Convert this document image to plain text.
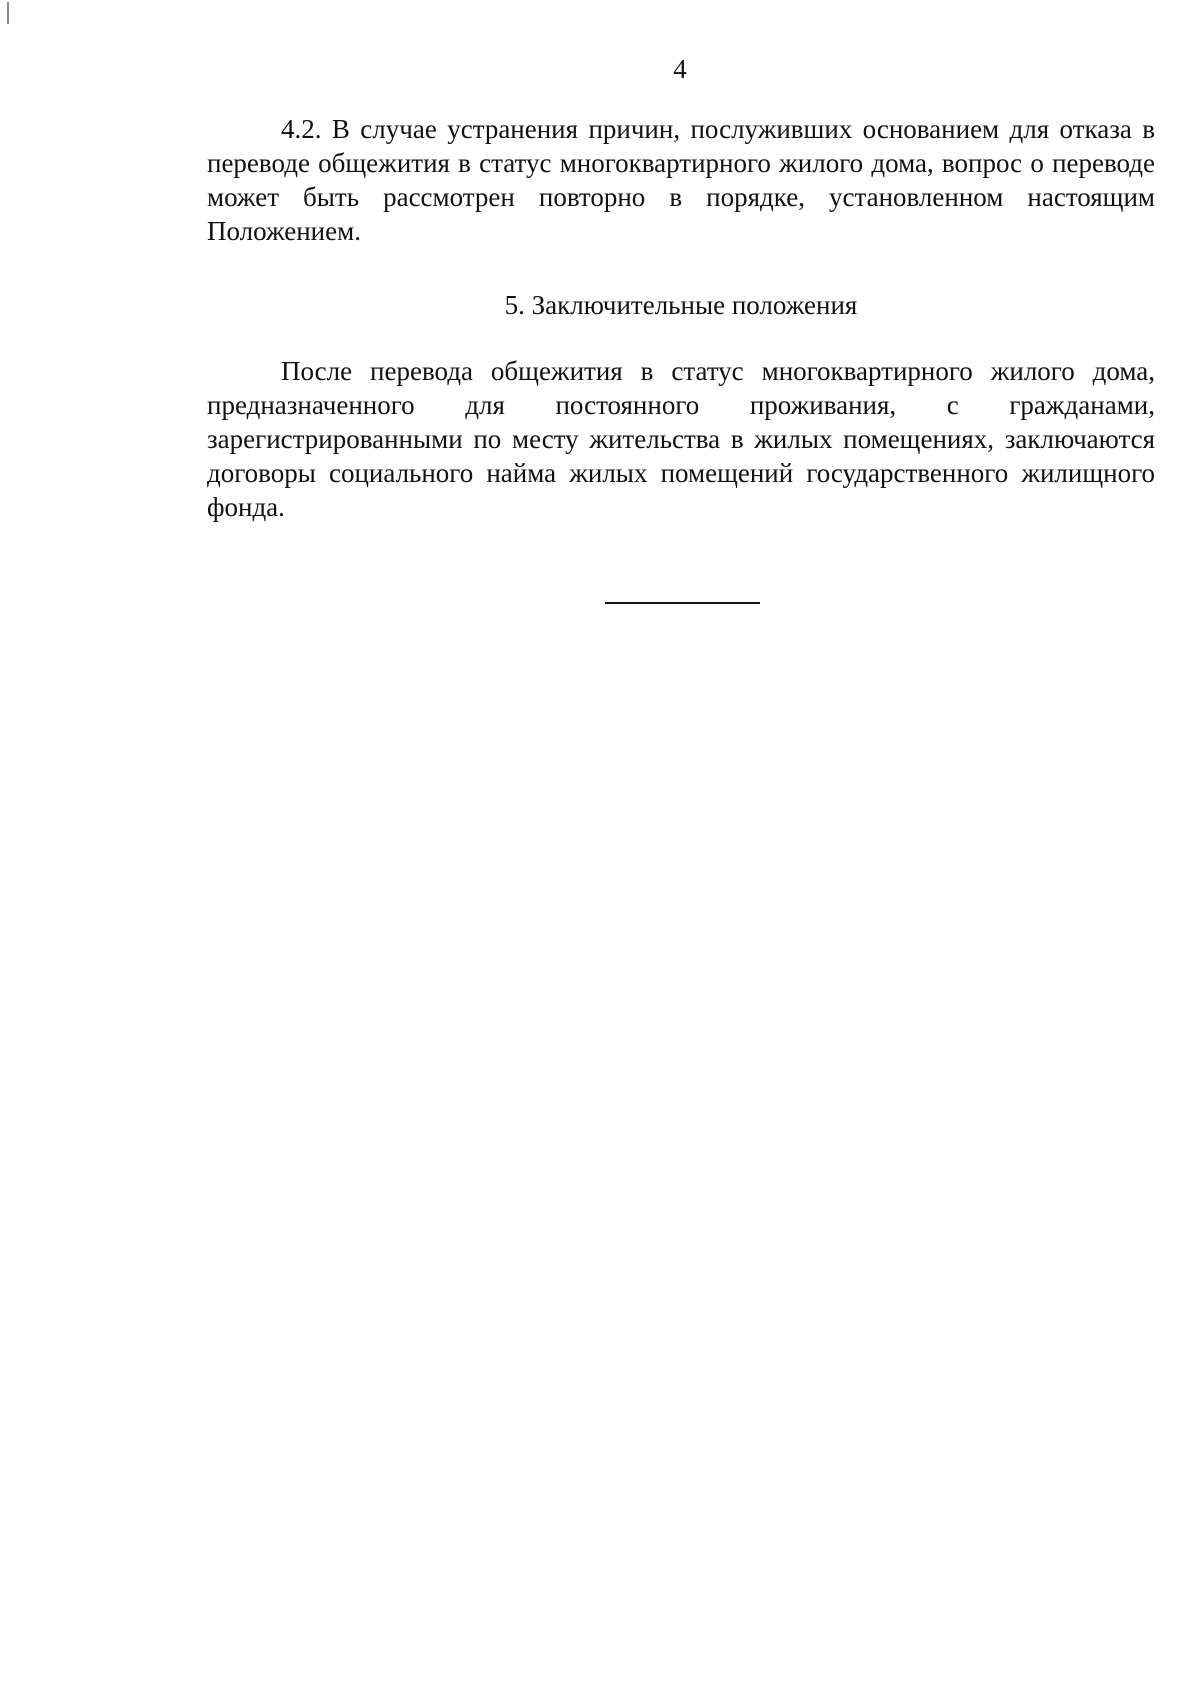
4

4.2. В случае устранения причин, послуживших основанием для отказа в переводе общежития в статус многоквартирного жилого дома, вопрос о переводе может быть рассмотрен повторно в порядке, установленном настоящим Положением.

5. Заключительные положения

После перевода общежития в статус многоквартирного жилого дома, предназначенного для постоянного проживания, с гражданами, зарегистрированными по месту жительства в жилых помещениях, заключаются договоры социального найма жилых помещений государственного жилищного фонда.
